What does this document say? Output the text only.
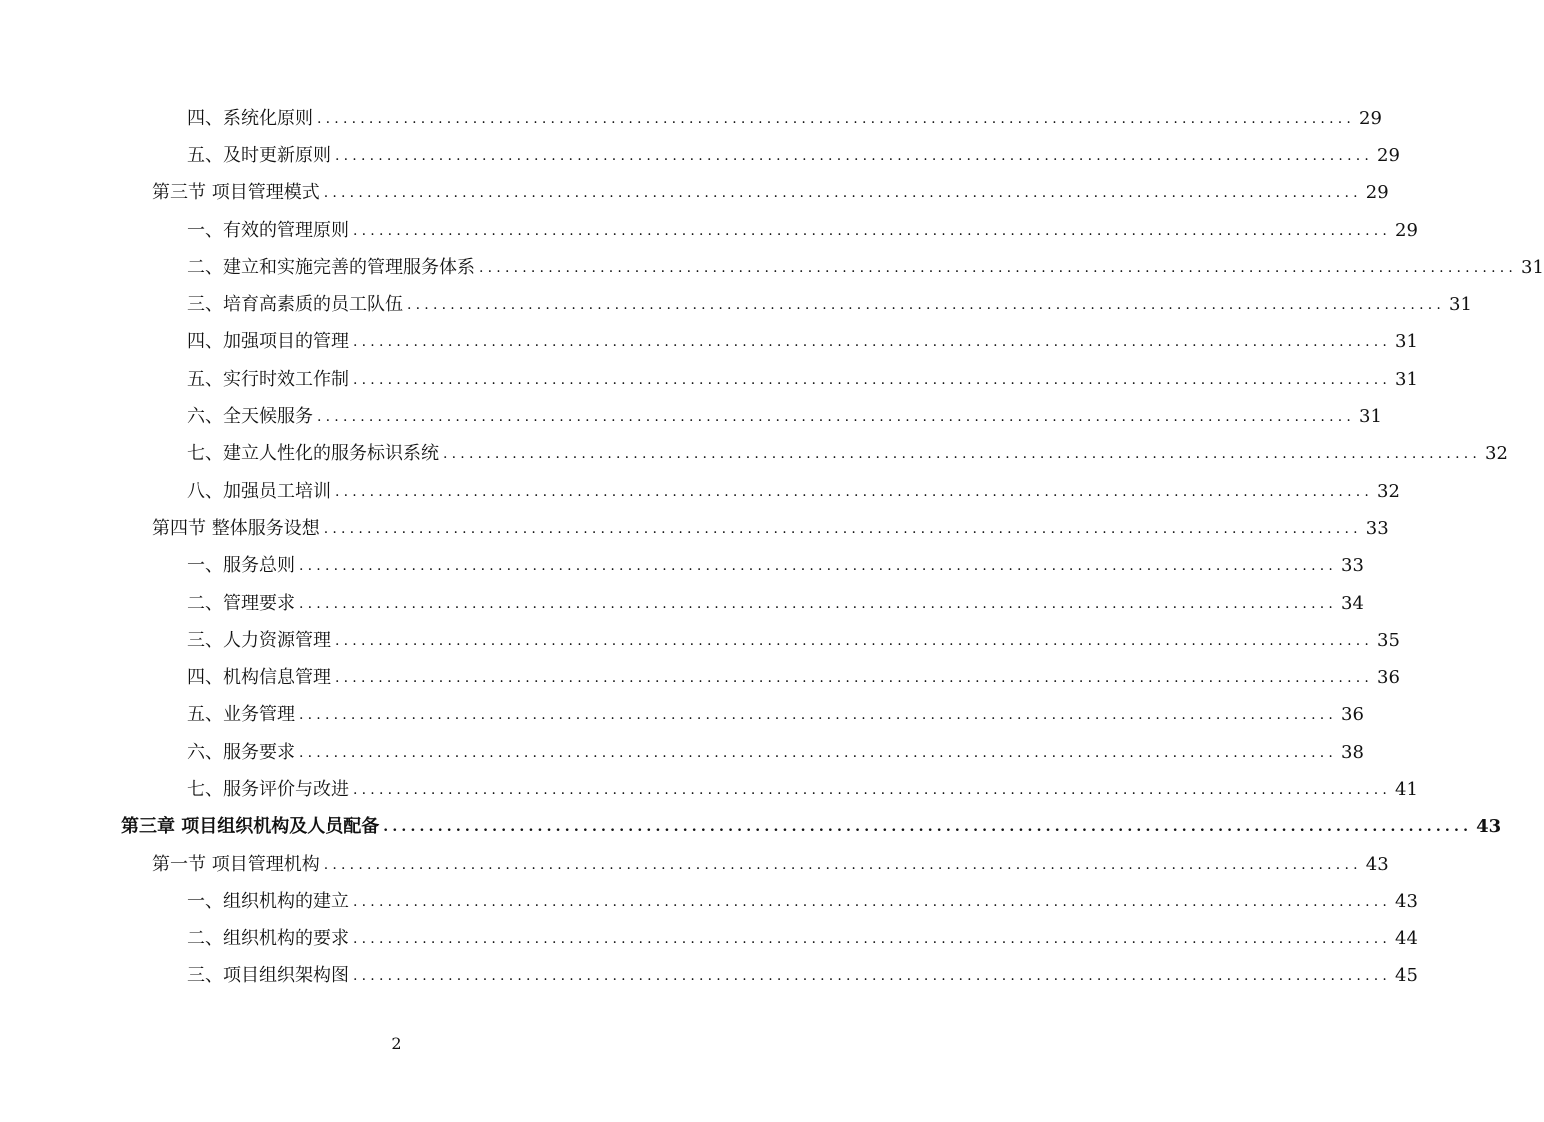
四、系统化原则 ........................................................................................................................ 29
五、及时更新原则 ........................................................................................................................ 29
第三节 项目管理模式 ........................................................................................................................ 29
一、有效的管理原则 ........................................................................................................................ 29
二、建立和实施完善的管理服务体系 ........................................................................................................................ 31
三、培育高素质的员工队伍 ........................................................................................................................ 31
四、加强项目的管理 ........................................................................................................................ 31
五、实行时效工作制 ........................................................................................................................ 31
六、全天候服务 ........................................................................................................................ 31
七、建立人性化的服务标识系统 ........................................................................................................................ 32
八、加强员工培训 ........................................................................................................................ 32
第四节 整体服务设想 ........................................................................................................................ 33
一、服务总则 ........................................................................................................................ 33
二、管理要求 ........................................................................................................................ 34
三、人力资源管理 ........................................................................................................................ 35
四、机构信息管理 ........................................................................................................................ 36
五、业务管理 ........................................................................................................................ 36
六、服务要求 ........................................................................................................................ 38
七、服务评价与改进 ........................................................................................................................ 41
第三章 项目组织机构及人员配备 ........................................................................................................................ 43
第一节 项目管理机构 ........................................................................................................................ 43
一、组织机构的建立 ........................................................................................................................ 43
二、组织机构的要求 ........................................................................................................................ 44
三、项目组织架构图 ........................................................................................................................ 45
2
